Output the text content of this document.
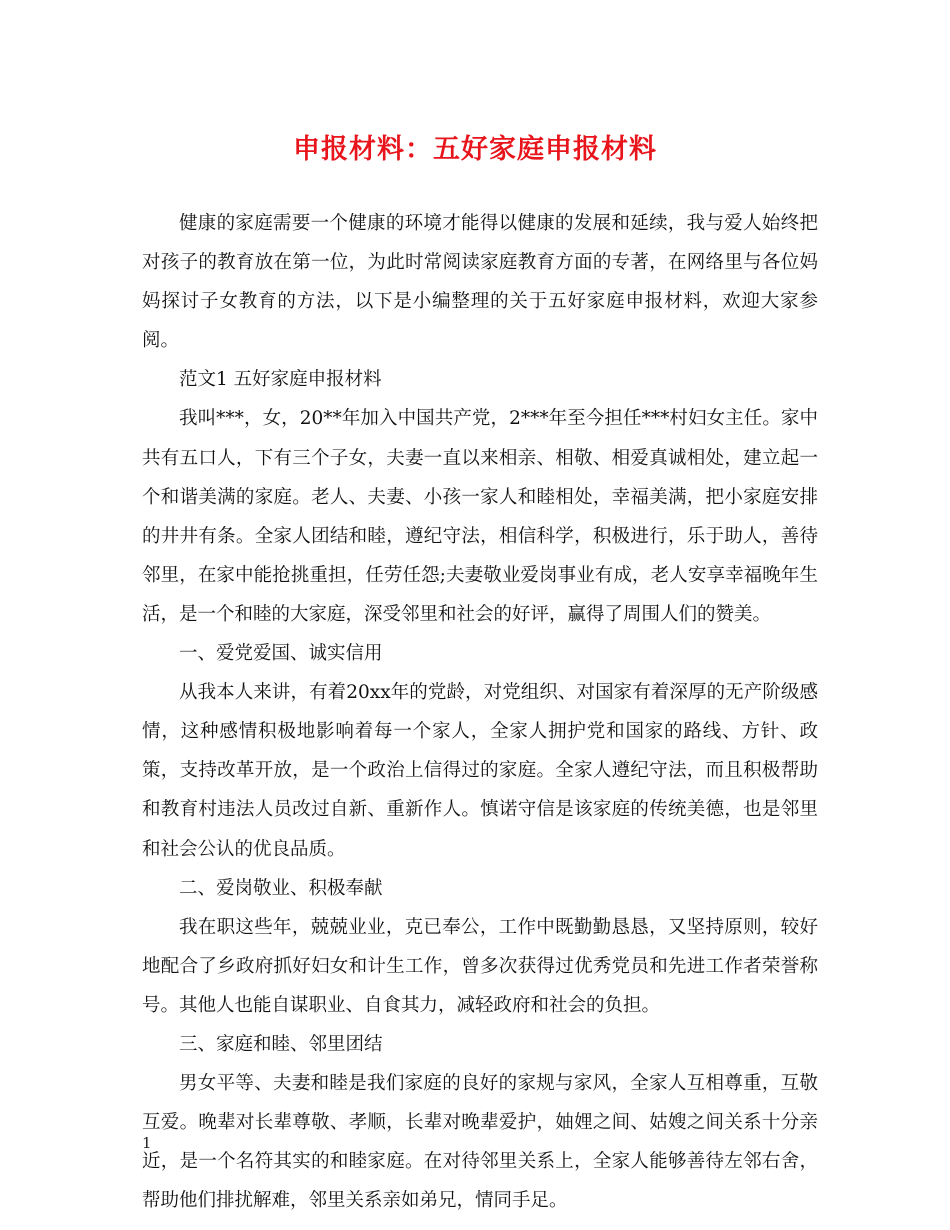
申报材料：五好家庭申报材料

健康的家庭需要一个健康的环境才能得以健康的发展和延续，我与爱人始终把对孩子的教育放在第一位，为此时常阅读家庭教育方面的专著，在网络里与各位妈妈探讨子女教育的方法，以下是小编整理的关于五好家庭申报材料，欢迎大家参阅。

范文1 五好家庭申报材料

我叫***，女，20**年加入中国共产党，2***年至今担任***村妇女主任。家中共有五口人，下有三个子女，夫妻一直以来相亲、相敬、相爱真诚相处，建立起一个和谐美满的家庭。老人、夫妻、小孩一家人和睦相处，幸福美满，把小家庭安排的井井有条。全家人团结和睦，遵纪守法，相信科学，积极进行，乐于助人，善待邻里，在家中能抢挑重担，任劳任怨;夫妻敬业爱岗事业有成，老人安享幸福晚年生活，是一个和睦的大家庭，深受邻里和社会的好评，赢得了周围人们的赞美。

一、爱党爱国、诚实信用

从我本人来讲，有着20xx年的党龄，对党组织、对国家有着深厚的无产阶级感情，这种感情积极地影响着每一个家人，全家人拥护党和国家的路线、方针、政策，支持改革开放，是一个政治上信得过的家庭。全家人遵纪守法，而且积极帮助和教育村违法人员改过自新、重新作人。慎诺守信是该家庭的传统美德，也是邻里和社会公认的优良品质。

二、爱岗敬业、积极奉献

我在职这些年，兢兢业业，克已奉公，工作中既勤勤恳恳，又坚持原则，较好地配合了乡政府抓好妇女和计生工作，曾多次获得过优秀党员和先进工作者荣誉称号。其他人也能自谋职业、自食其力，减轻政府和社会的负担。

三、家庭和睦、邻里团结

男女平等、夫妻和睦是我们家庭的良好的家规与家风，全家人互相尊重，互敬互爱。晚辈对长辈尊敬、孝顺，长辈对晚辈爱护，妯娌之间、姑嫂之间关系十分亲近，是一个名符其实的和睦家庭。在对待邻里关系上，全家人能够善待左邻右舍，帮助他们排扰解难，邻里关系亲如弟兄，情同手足。

1
